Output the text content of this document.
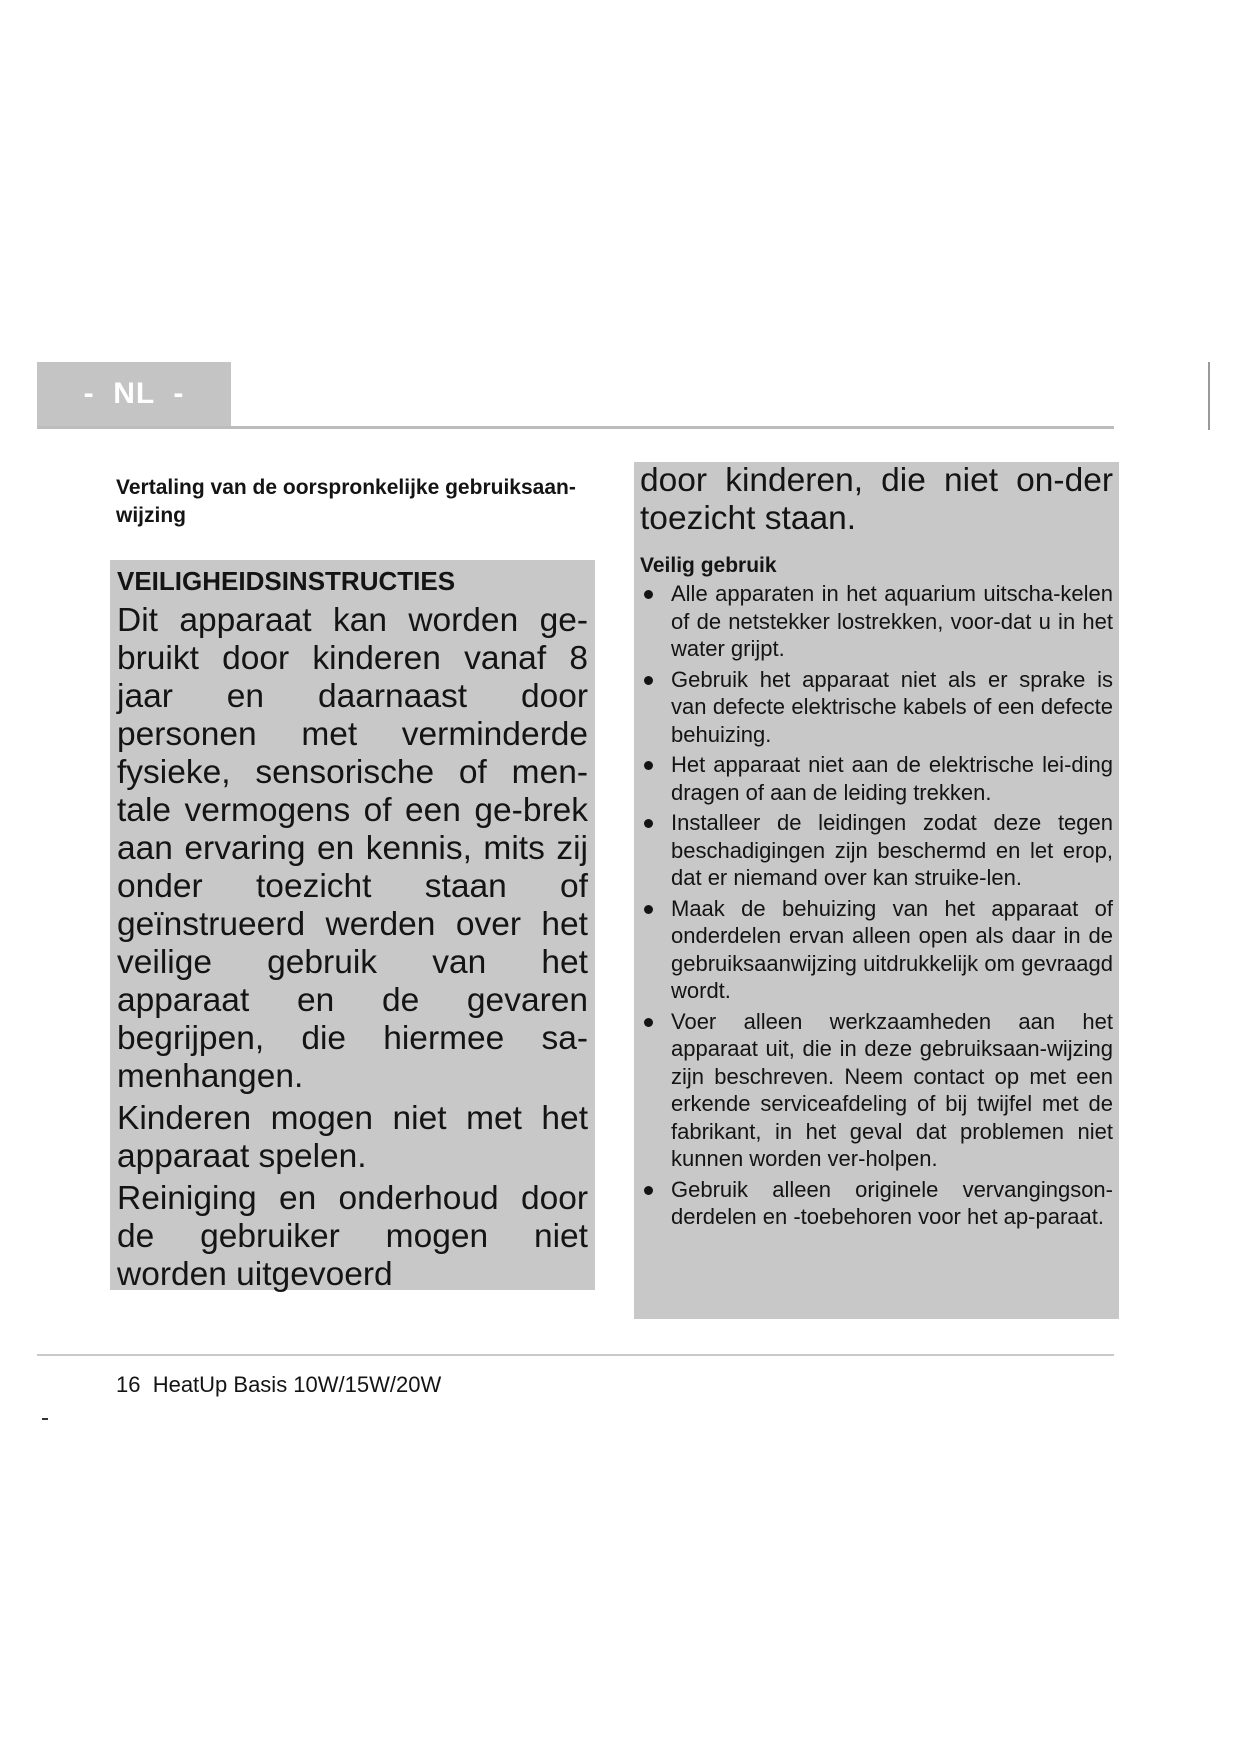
-  NL  -

Vertaling van de oorspronkelijke gebruiksaan-wijzing

VEILIGHEIDSINSTRUCTIES

Dit apparaat kan worden ge-bruikt door kinderen vanaf 8 jaar en daarnaast door personen met verminderde fysieke, sensorische of men-tale vermogens of een ge-brek aan ervaring en kennis, mits zij onder toezicht staan of geïnstrueerd werden over het veilige gebruik van het apparaat en de gevaren begrijpen, die hiermee sa-menhangen.

Kinderen mogen niet met het apparaat spelen.

Reiniging en onderhoud door de gebruiker mogen niet worden uitgevoerd

door kinderen, die niet on-der toezicht staan.

Veilig gebruik

Alle apparaten in het aquarium uitscha-kelen of de netstekker lostrekken, voor-dat u in het water grijpt.
Gebruik het apparaat niet als er sprake is van defecte elektrische kabels of een defecte behuizing.
Het apparaat niet aan de elektrische lei-ding dragen of aan de leiding trekken.
Installeer de leidingen zodat deze tegen beschadigingen zijn beschermd en let erop, dat er niemand over kan struike-len.
Maak de behuizing van het apparaat of onderdelen ervan alleen open als daar in de gebruiksaanwijzing uitdrukkelijk om gevraagd wordt.
Voer alleen werkzaamheden aan het apparaat uit, die in deze gebruiksaan-wijzing zijn beschreven. Neem contact op met een erkende serviceafdeling of bij twijfel met de fabrikant, in het geval dat problemen niet kunnen worden ver-holpen.
Gebruik alleen originele vervangingson-derdelen en -toebehoren voor het ap-paraat.

16  HeatUp Basis 10W/15W/20W
